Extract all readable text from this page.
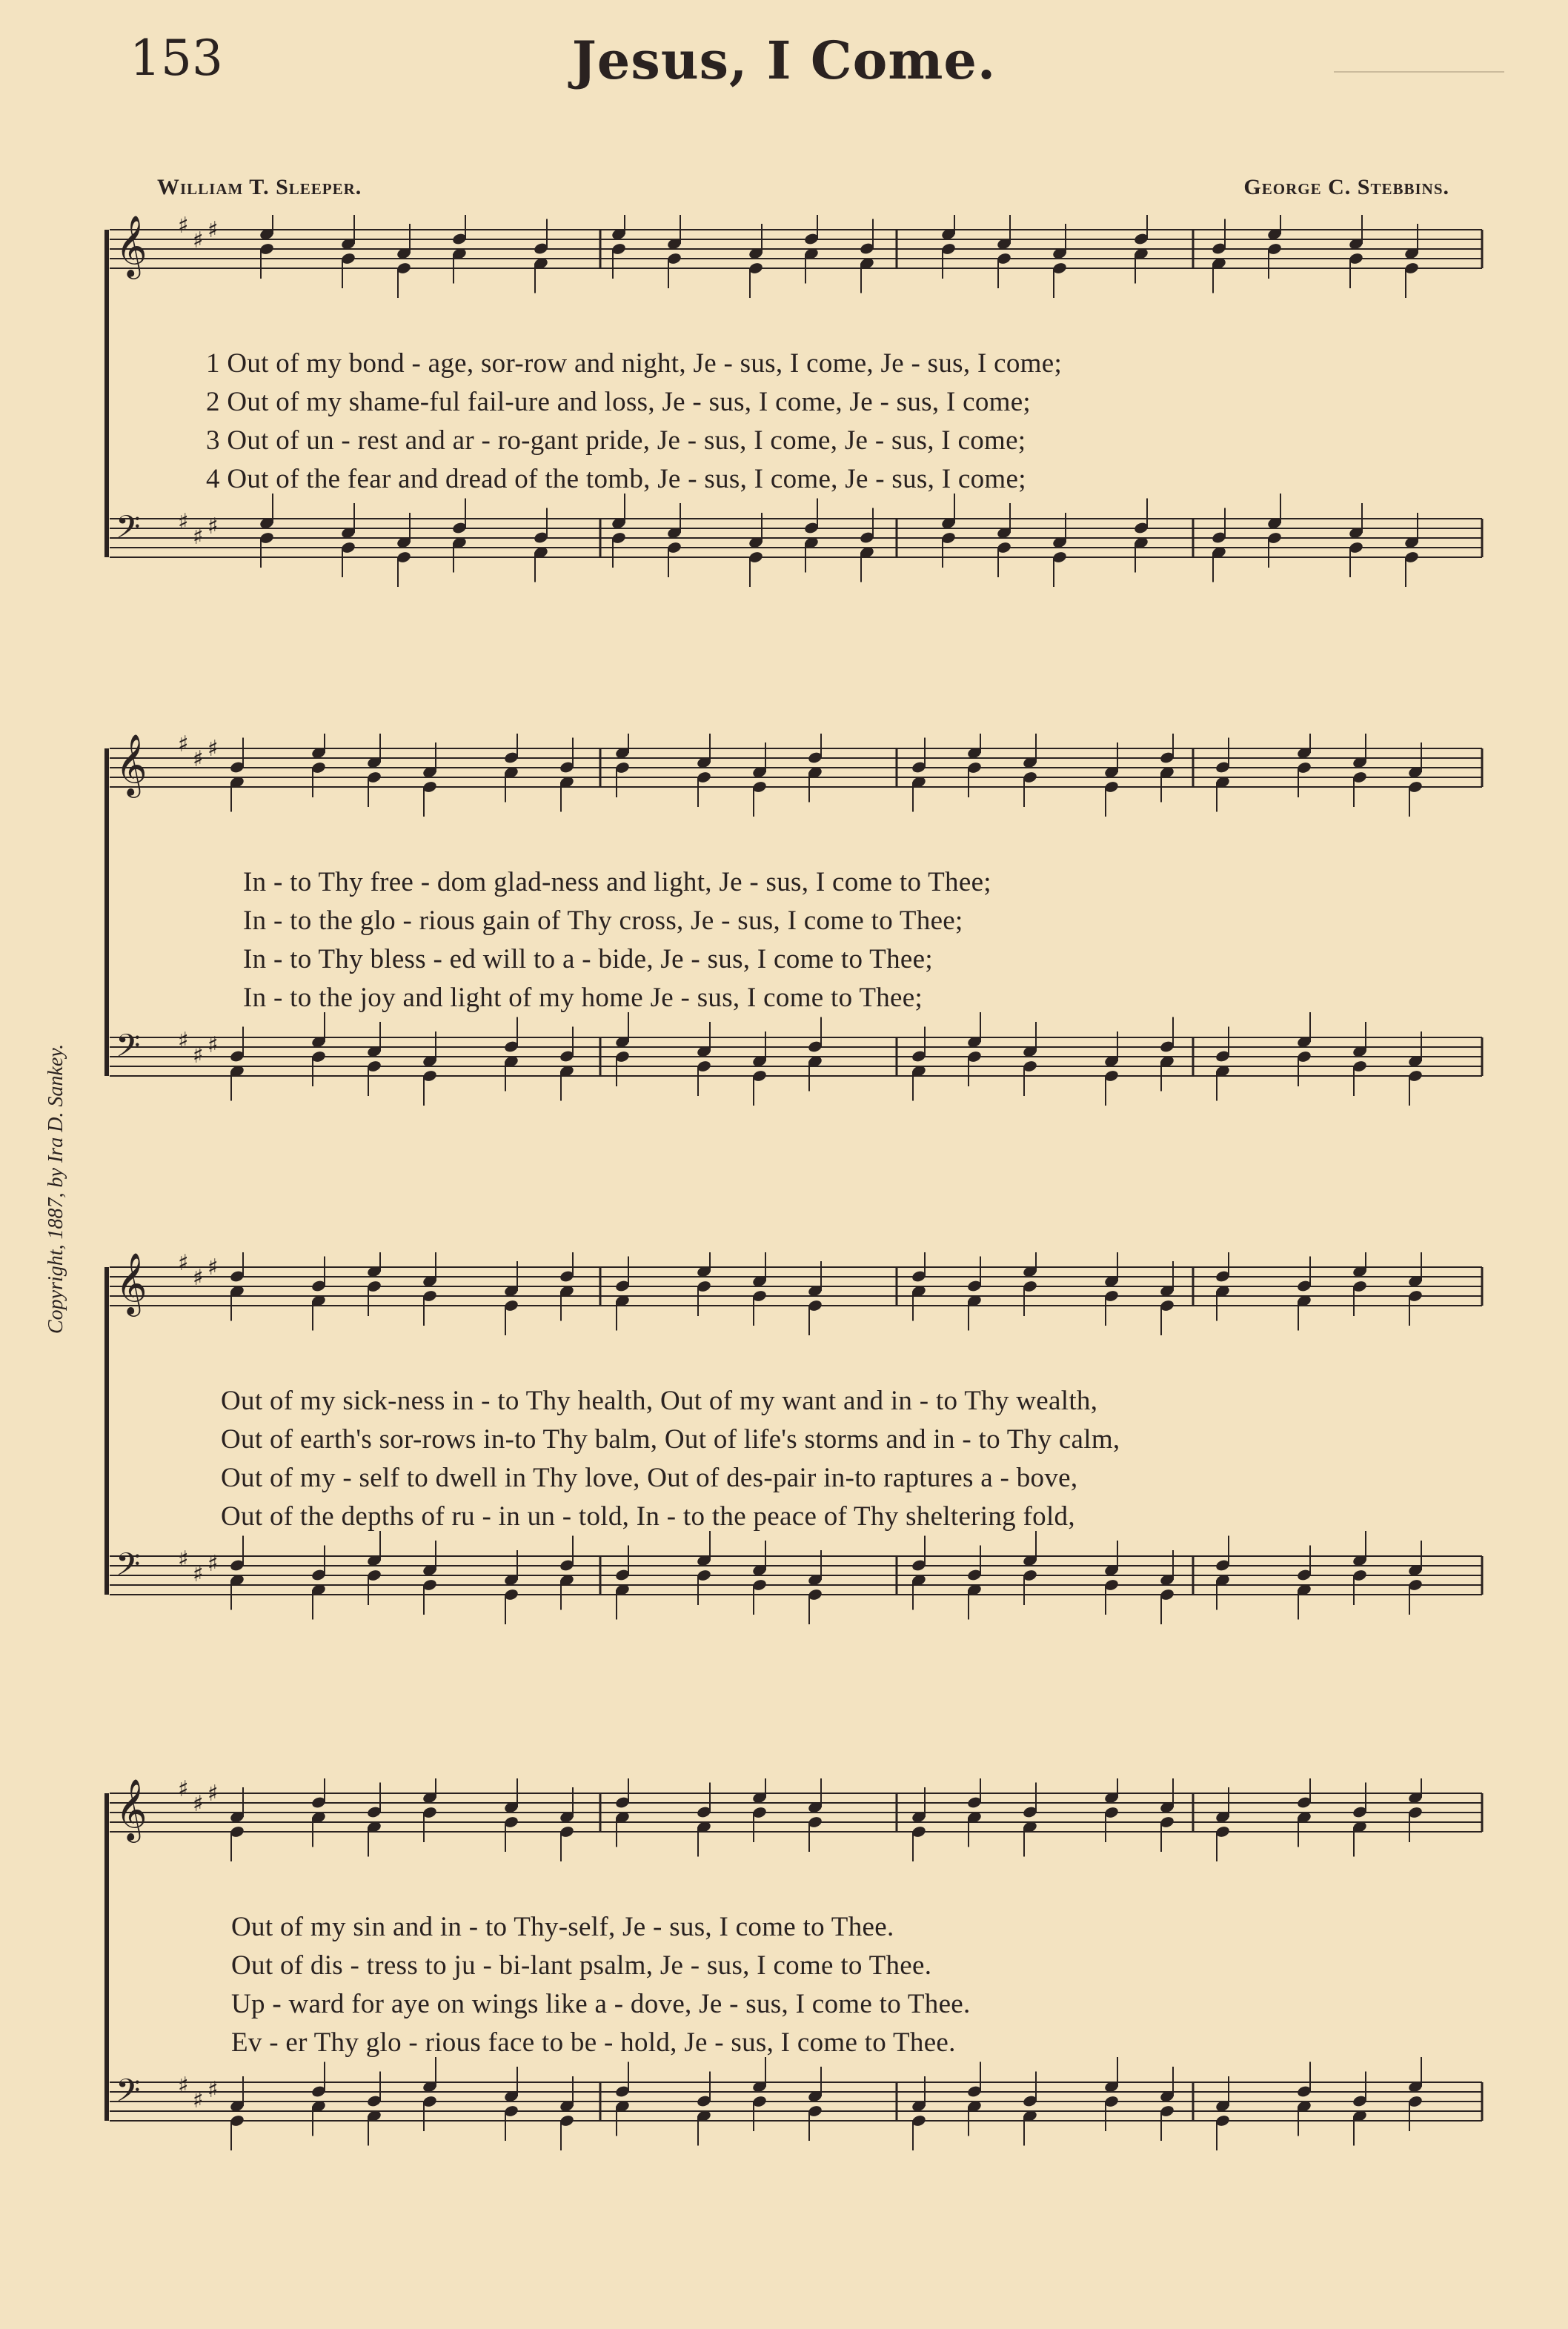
153	Jesus, I Come.
William T. Sleeper.	George C. Stebbins.
Copyright, 1887, by Ira D. Sankey.
𝄞
𝄢
♯
♯ ♯
♯
♯ ♯
1 Out of my bond - age, sor-row and night, Je - sus, I come, Je - sus, I come;
2 Out of my shame-ful fail-ure and loss, Je - sus, I come, Je - sus, I come;
3 Out of un - rest and ar - ro-gant pride, Je - sus, I come, Je - sus, I come;
4 Out of the fear and dread of the tomb, Je - sus, I come, Je - sus, I come;
𝄞
𝄢
♯
♯ ♯
♯
♯ ♯
In - to Thy free - dom glad-ness and light, Je - sus, I come to Thee;
In - to the glo - rious gain of Thy cross, Je - sus, I come to Thee;
In - to Thy bless - ed will to a - bide, Je - sus, I come to Thee;
In - to the joy and light of my home Je - sus, I come to Thee;
𝄞
𝄢
♯
♯ ♯
♯
♯ ♯
Out of my sick-ness in - to Thy health, Out of my want and in - to Thy wealth,
Out of earth's sor-rows in-to Thy balm, Out of life's storms and in - to Thy calm,
Out of my - self to dwell in Thy love, Out of des-pair in-to raptures a - bove,
Out of the depths of ru - in un - told, In - to the peace of Thy sheltering fold,
𝄞
𝄢
♯
♯ ♯
♯
♯ ♯
Out of my sin and in - to Thy-self, Je - sus, I come to Thee.
Out of dis - tress to ju - bi-lant psalm, Je - sus, I come to Thee.
Up - ward for aye on wings like a - dove, Je - sus, I come to Thee.
Ev - er Thy glo - rious face to be - hold, Je - sus, I come to Thee.
